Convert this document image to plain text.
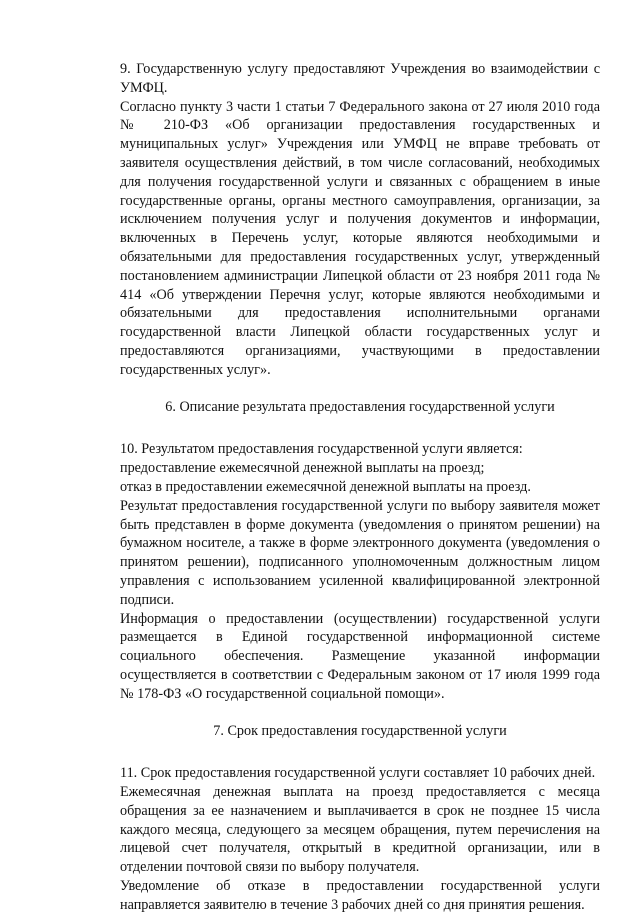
9. Государственную услугу предоставляют Учреждения во взаимодействии с УМФЦ.

Согласно пункту 3 части 1 статьи 7 Федерального закона от 27 июля 2010 года № 210-ФЗ «Об организации предоставления государственных и муниципальных услуг» Учреждения или УМФЦ не вправе требовать от заявителя осуществления действий, в том числе согласований, необходимых для получения государственной услуги и связанных с обращением в иные государственные органы, органы местного самоуправления, организации, за исключением получения услуг и получения документов и информации, включенных в Перечень услуг, которые являются необходимыми и обязательными для предоставления государственных услуг, утвержденный постановлением администрации Липецкой области от 23 ноября 2011 года № 414 «Об утверждении Перечня услуг, которые являются необходимыми и обязательными для предоставления исполнительными органами государственной власти Липецкой области государственных услуг и предоставляются организациями, участвующими в предоставлении государственных услуг».

6. Описание результата предоставления государственной услуги

10. Результатом предоставления государственной услуги является:

предоставление ежемесячной денежной выплаты на проезд;

отказ в предоставлении ежемесячной денежной выплаты на проезд.

Результат предоставления государственной услуги по выбору заявителя может быть представлен в форме документа (уведомления о принятом решении) на бумажном носителе, а также в форме электронного документа (уведомления о принятом решении), подписанного уполномоченным должностным лицом управления с использованием усиленной квалифицированной электронной подписи.

Информация о предоставлении (осуществлении) государственной услуги размещается в Единой государственной информационной системе социального обеспечения. Размещение указанной информации осуществляется в соответствии с Федеральным законом от 17 июля 1999 года № 178-ФЗ «О государственной социальной помощи».

7. Срок предоставления государственной услуги

11. Срок предоставления государственной услуги составляет 10 рабочих дней.

Ежемесячная денежная выплата на проезд предоставляется с месяца обращения за ее назначением и выплачивается в срок не позднее 15 числа каждого месяца, следующего за месяцем обращения, путем перечисления на лицевой счет получателя, открытый в кредитной организации, или в отделении почтовой связи по выбору получателя.

Уведомление об отказе в предоставлении государственной услуги направляется заявителю в течение 3 рабочих дней со дня принятия решения.
